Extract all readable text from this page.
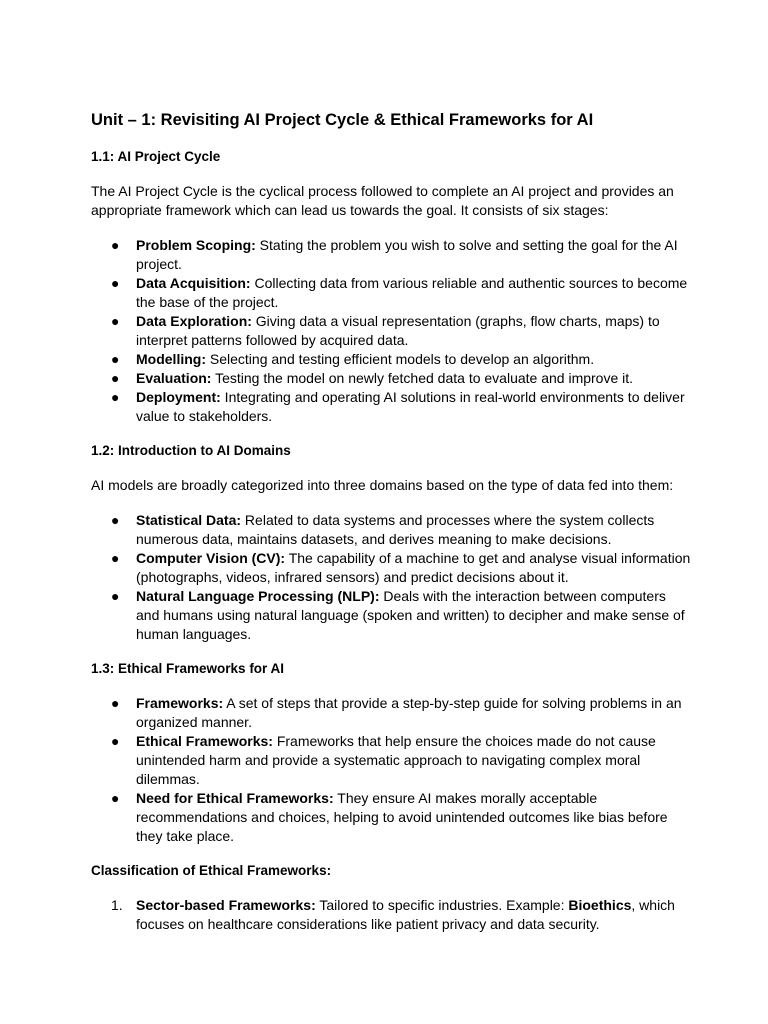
Unit – 1: Revisiting AI Project Cycle & Ethical Frameworks for AI
1.1: AI Project Cycle

The AI Project Cycle is the cyclical process followed to complete an AI project and provides an appropriate framework which can lead us towards the goal. It consists of six stages:

● Problem Scoping: Stating the problem you wish to solve and setting the goal for the AI project.
● Data Acquisition: Collecting data from various reliable and authentic sources to become the base of the project.
● Data Exploration: Giving data a visual representation (graphs, flow charts, maps) to interpret patterns followed by acquired data.
● Modelling: Selecting and testing efficient models to develop an algorithm.
● Evaluation: Testing the model on newly fetched data to evaluate and improve it.
● Deployment: Integrating and operating AI solutions in real-world environments to deliver value to stakeholders.
1.2: Introduction to AI Domains

AI models are broadly categorized into three domains based on the type of data fed into them:

● Statistical Data: Related to data systems and processes where the system collects numerous data, maintains datasets, and derives meaning to make decisions.
● Computer Vision (CV): The capability of a machine to get and analyse visual information (photographs, videos, infrared sensors) and predict decisions about it.
● Natural Language Processing (NLP): Deals with the interaction between computers and humans using natural language (spoken and written) to decipher and make sense of human languages.
1.3: Ethical Frameworks for AI
● Frameworks: A set of steps that provide a step-by-step guide for solving problems in an organized manner.
● Ethical Frameworks: Frameworks that help ensure the choices made do not cause unintended harm and provide a systematic approach to navigating complex moral dilemmas.
● Need for Ethical Frameworks: They ensure AI makes morally acceptable recommendations and choices, helping to avoid unintended outcomes like bias before they take place.
Classification of Ethical Frameworks:
1. Sector-based Frameworks: Tailored to specific industries. Example: Bioethics, which focuses on healthcare considerations like patient privacy and data security.
